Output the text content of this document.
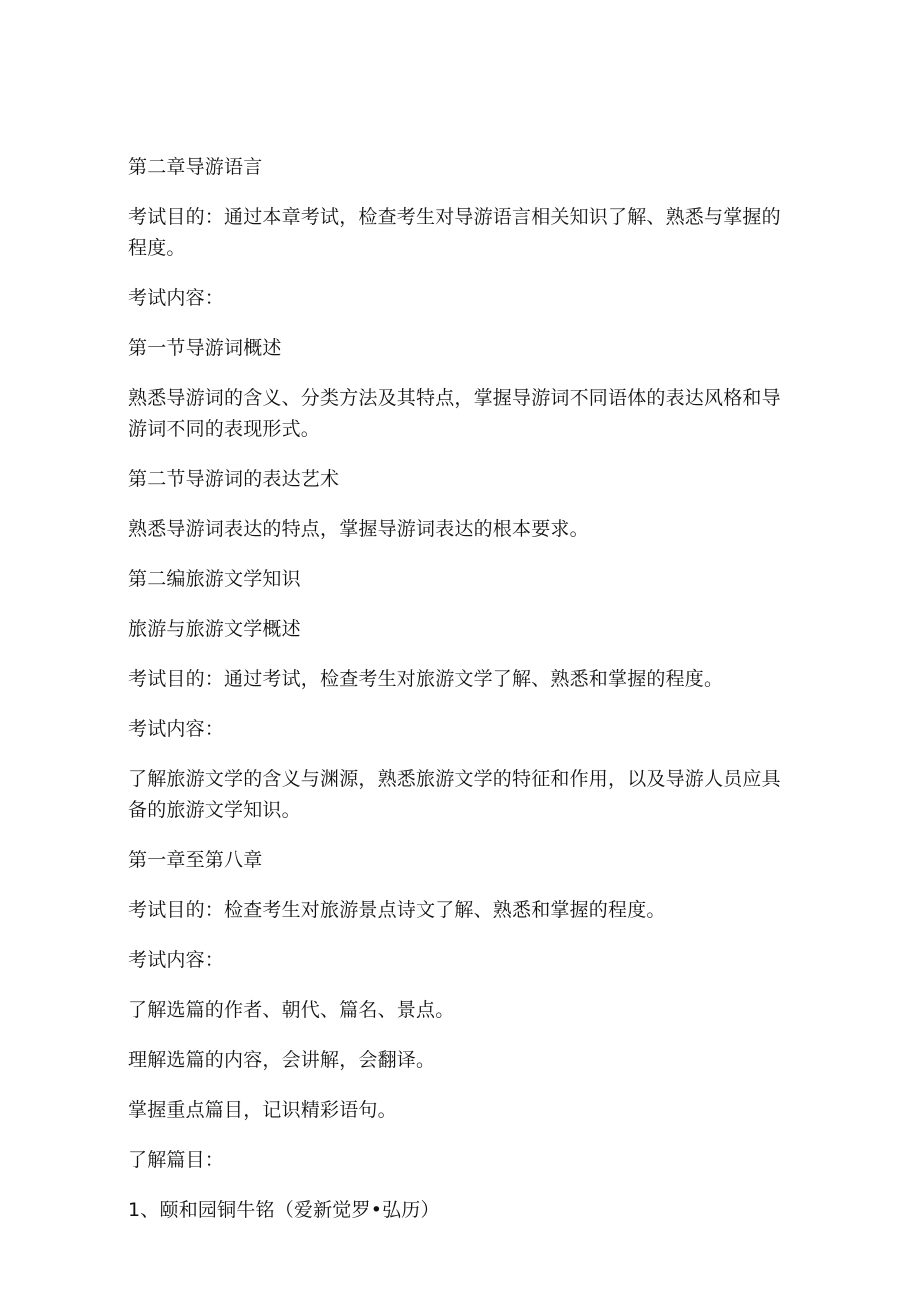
第二章导游语言

考试目的：通过本章考试，检查考生对导游语言相关知识了解、熟悉与掌握的程度。

考试内容：

第一节导游词概述

熟悉导游词的含义、分类方法及其特点，掌握导游词不同语体的表达风格和导游词不同的表现形式。

第二节导游词的表达艺术

熟悉导游词表达的特点，掌握导游词表达的根本要求。

第二编旅游文学知识

旅游与旅游文学概述

考试目的：通过考试，检查考生对旅游文学了解、熟悉和掌握的程度。

考试内容：

了解旅游文学的含义与渊源，熟悉旅游文学的特征和作用，以及导游人员应具备的旅游文学知识。

第一章至第八章

考试目的：检查考生对旅游景点诗文了解、熟悉和掌握的程度。

考试内容：

了解选篇的作者、朝代、篇名、景点。

理解选篇的内容，会讲解，会翻译。

掌握重点篇目，记识精彩语句。

了解篇目：

1、颐和园铜牛铭（爱新觉罗•弘历）
